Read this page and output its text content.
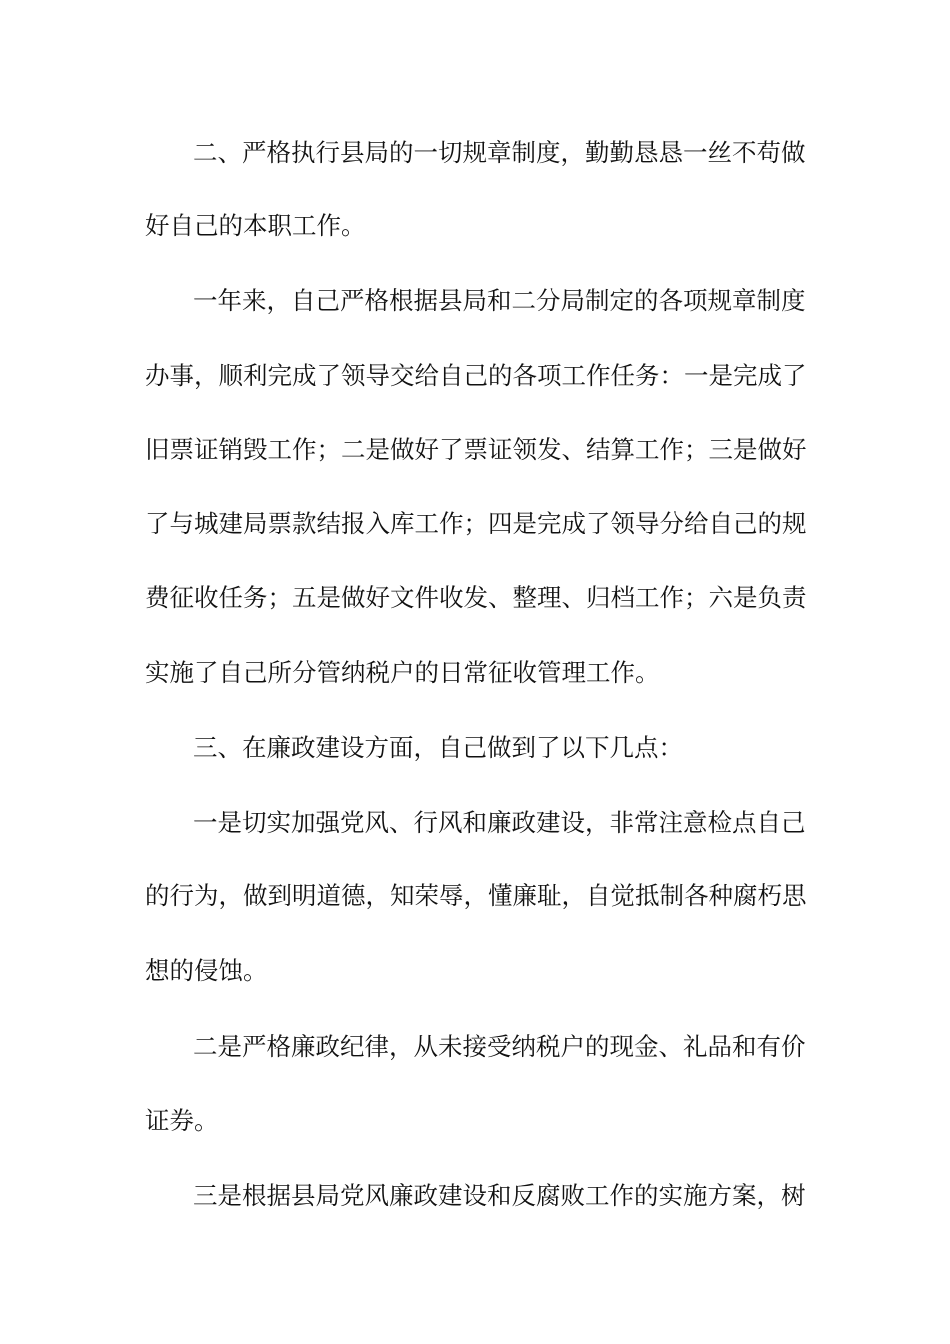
二、严格执行县局的一切规章制度，勤勤恳恳一丝不苟做
好自己的本职工作。
一年来，自己严格根据县局和二分局制定的各项规章制度
办事，顺利完成了领导交给自己的各项工作任务：一是完成了
旧票证销毁工作；二是做好了票证领发、结算工作；三是做好
了与城建局票款结报入库工作；四是完成了领导分给自己的规
费征收任务；五是做好文件收发、整理、归档工作；六是负责
实施了自己所分管纳税户的日常征收管理工作。
三、在廉政建设方面，自己做到了以下几点：
一是切实加强党风、行风和廉政建设，非常注意检点自己
的行为，做到明道德，知荣辱，懂廉耻，自觉抵制各种腐朽思
想的侵蚀。
二是严格廉政纪律，从未接受纳税户的现金、礼品和有价
证券。
三是根据县局党风廉政建设和反腐败工作的实施方案，树
